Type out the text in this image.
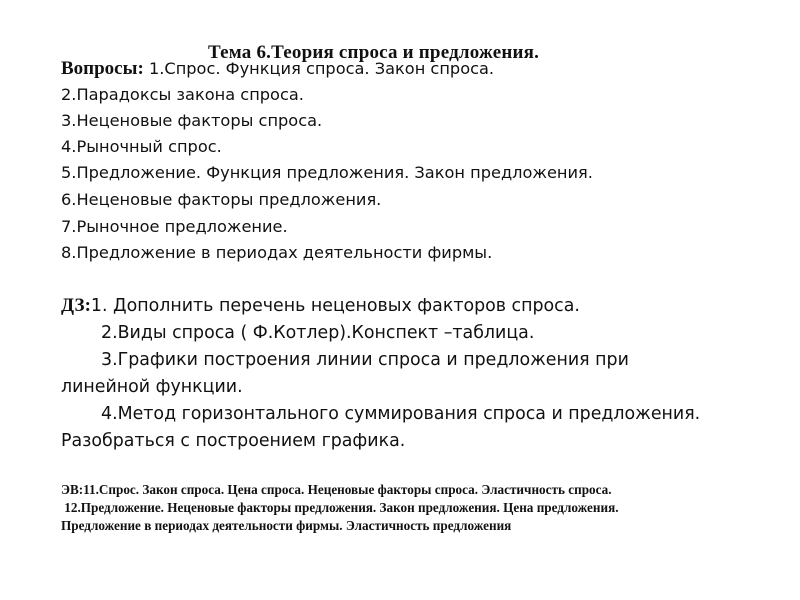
Тема 6.Теория спроса и предложения.
Вопросы: 1.Спрос. Функция спроса. Закон спроса.
2.Парадоксы закона спроса.
3.Неценовые факторы спроса.
4.Рыночный спрос.
5.Предложение. Функция предложения. Закон предложения.
6.Неценовые факторы предложения.
7.Рыночное предложение.
8.Предложение в периодах деятельности фирмы.
ДЗ:1. Дополнить перечень неценовых факторов спроса.
2.Виды спроса ( Ф.Котлер).Конспект –таблица.
3.Графики построения линии спроса и предложения при
линейной функции.
4.Метод горизонтального суммирования спроса и предложения.
Разобраться с построением графика.
ЭВ:11.Спрос. Закон спроса. Цена спроса. Неценовые факторы спроса. Эластичность спроса.
12.Предложение. Неценовые факторы предложения. Закон предложения. Цена предложения.
Предложение в периодах деятельности фирмы. Эластичность предложения
